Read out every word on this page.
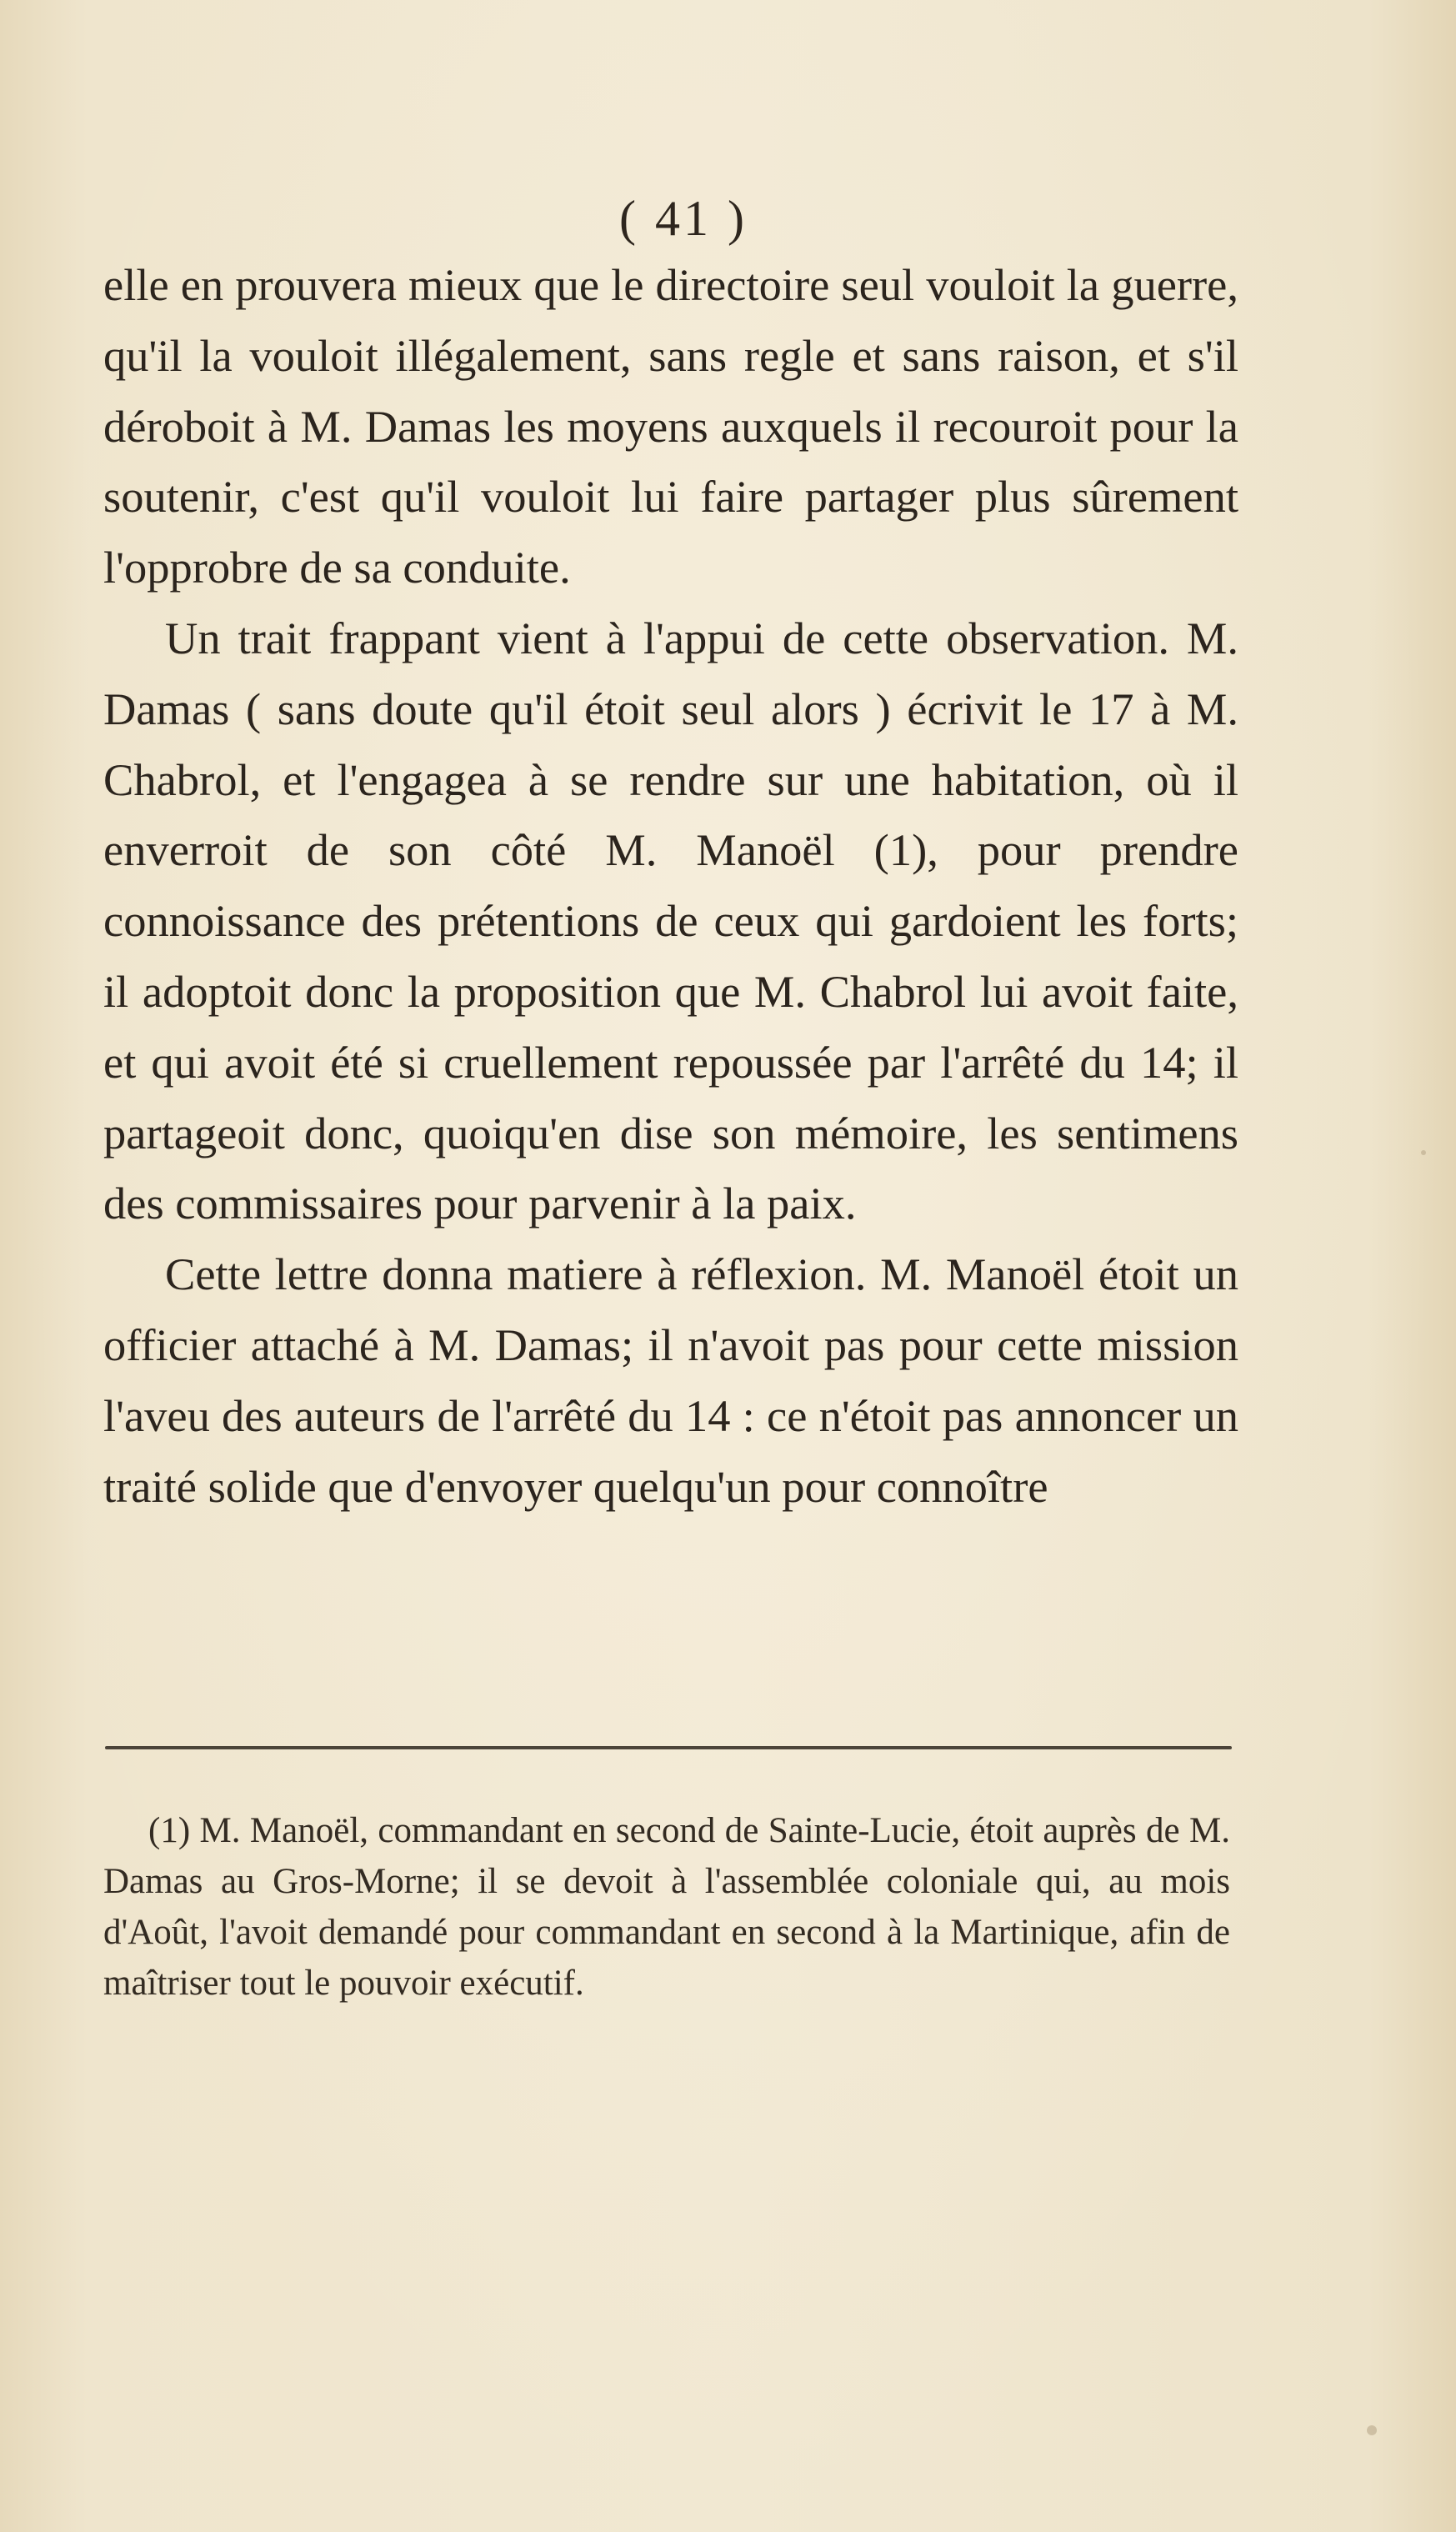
( 41 )

elle en prouvera mieux que le directoire seul vouloit la guerre, qu'il la vouloit illégalement, sans regle et sans raison, et s'il déroboit à M. Damas les moyens auxquels il recouroit pour la soutenir, c'est qu'il vouloit lui faire partager plus sûrement l'opprobre de sa conduite.

Un trait frappant vient à l'appui de cette observation. M. Damas ( sans doute qu'il étoit seul alors ) écrivit le 17 à M. Chabrol, et l'engagea à se rendre sur une habitation, où il enverroit de son côté M. Manoël (1), pour prendre connoissance des prétentions de ceux qui gardoient les forts; il adoptoit donc la proposition que M. Chabrol lui avoit faite, et qui avoit été si cruellement repoussée par l'arrêté du 14; il partageoit donc, quoiqu'en dise son mémoire, les sentimens des commissaires pour parvenir à la paix.

Cette lettre donna matiere à réflexion. M. Manoël étoit un officier attaché à M. Damas; il n'avoit pas pour cette mission l'aveu des auteurs de l'arrêté du 14 : ce n'étoit pas annoncer un traité solide que d'envoyer quelqu'un pour connoître

(1) M. Manoël, commandant en second de Sainte-Lucie, étoit auprès de M. Damas au Gros-Morne; il se devoit à l'assemblée coloniale qui, au mois d'Août, l'avoit demandé pour commandant en second à la Martinique, afin de maîtriser tout le pouvoir exécutif.
